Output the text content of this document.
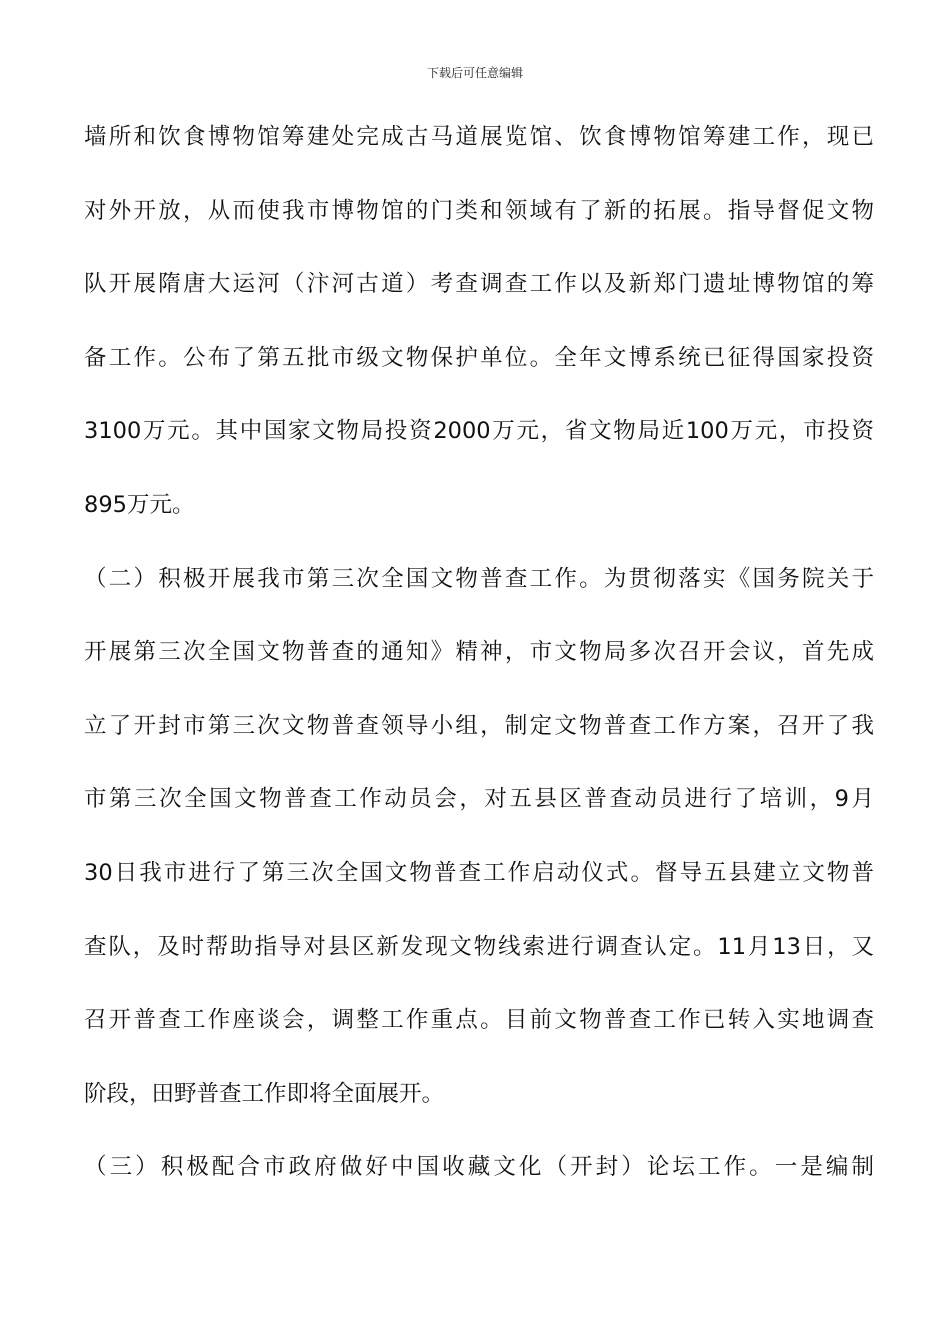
下载后可任意编辑
墙所和饮食博物馆筹建处完成古马道展览馆、饮食博物馆筹建工作，现已
对外开放，从而使我市博物馆的门类和领域有了新的拓展。指导督促文物
队开展隋唐大运河（汴河古道）考查调查工作以及新郑门遗址博物馆的筹
备工作。公布了第五批市级文物保护单位。全年文博系统已征得国家投资
3100万元。其中国家文物局投资2000万元，省文物局近100万元，市投资
895万元。
（二）积极开展我市第三次全国文物普查工作。为贯彻落实《国务院关于
开展第三次全国文物普查的通知》精神，市文物局多次召开会议，首先成
立了开封市第三次文物普查领导小组，制定文物普查工作方案，召开了我
市第三次全国文物普查工作动员会，对五县区普查动员进行了培训，9月
30日我市进行了第三次全国文物普查工作启动仪式。督导五县建立文物普
查队，及时帮助指导对县区新发现文物线索进行调查认定。11月13日，又
召开普查工作座谈会，调整工作重点。目前文物普查工作已转入实地调查
阶段，田野普查工作即将全面展开。
（三）积极配合市政府做好中国收藏文化（开封）论坛工作。一是编制
